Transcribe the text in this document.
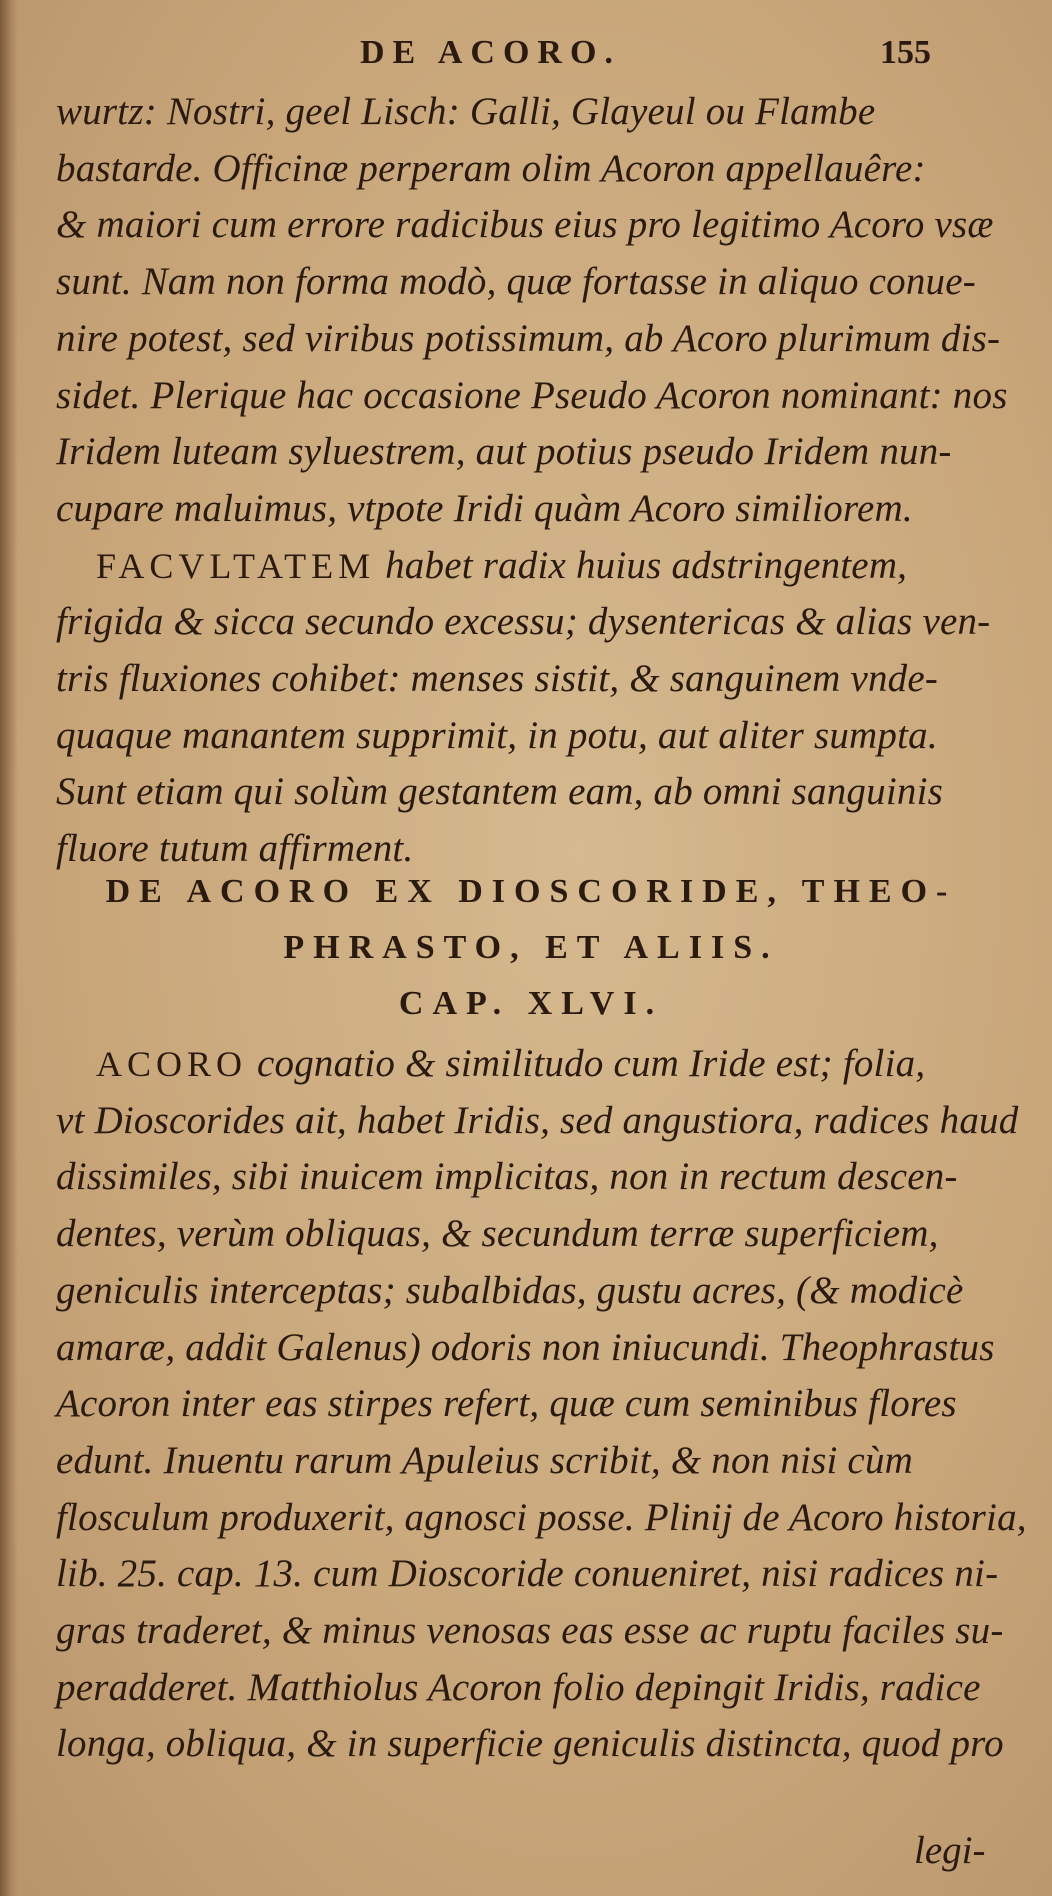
DE ACORO.	155

wurtz: Nostri, geel Lisch: Galli, Glayeul ou Flambe

bastarde. Officinæ perperam olim Acoron appellauêre:

& maiori cum errore radicibus eius pro legitimo Acoro vsæ

sunt. Nam non forma modò, quæ fortasse in aliquo conue-

nire potest, sed viribus potissimum, ab Acoro plurimum dis-

sidet. Plerique hac occasione Pseudo Acoron nominant: nos

Iridem luteam syluestrem, aut potius pseudo Iridem nun-

cupare maluimus, vtpote Iridi quàm Acoro similiorem.

FACVLTATEM habet radix huius adstringentem,

frigida & sicca secundo excessu; dysentericas & alias ven-

tris fluxiones cohibet: menses sistit, & sanguinem vnde-

quaque manantem supprimit, in potu, aut aliter sumpta.

Sunt etiam qui solùm gestantem eam, ab omni sanguinis

fluore tutum affirment.

DE ACORO EX DIOSCORIDE, THEO-

PHRASTO, ET ALIIS.

CAP. XLVI.

ACORO cognatio & similitudo cum Iride est; folia,

vt Dioscorides ait, habet Iridis, sed angustiora, radices haud

dissimiles, sibi inuicem implicitas, non in rectum descen-

dentes, verùm obliquas, & secundum terræ superficiem,

geniculis interceptas; subalbidas, gustu acres, (& modicè

amaræ, addit Galenus) odoris non iniucundi. Theophrastus

Acoron inter eas stirpes refert, quæ cum seminibus flores

edunt. Inuentu rarum Apuleius scribit, & non nisi cùm

flosculum produxerit, agnosci posse. Plinij de Acoro historia,

lib. 25. cap. 13. cum Dioscoride conueniret, nisi radices ni-

gras traderet, & minus venosas eas esse ac ruptu faciles su-

peradderet. Matthiolus Acoron folio depingit Iridis, radice

longa, obliqua, & in superficie geniculis distincta, quod pro

legi-
